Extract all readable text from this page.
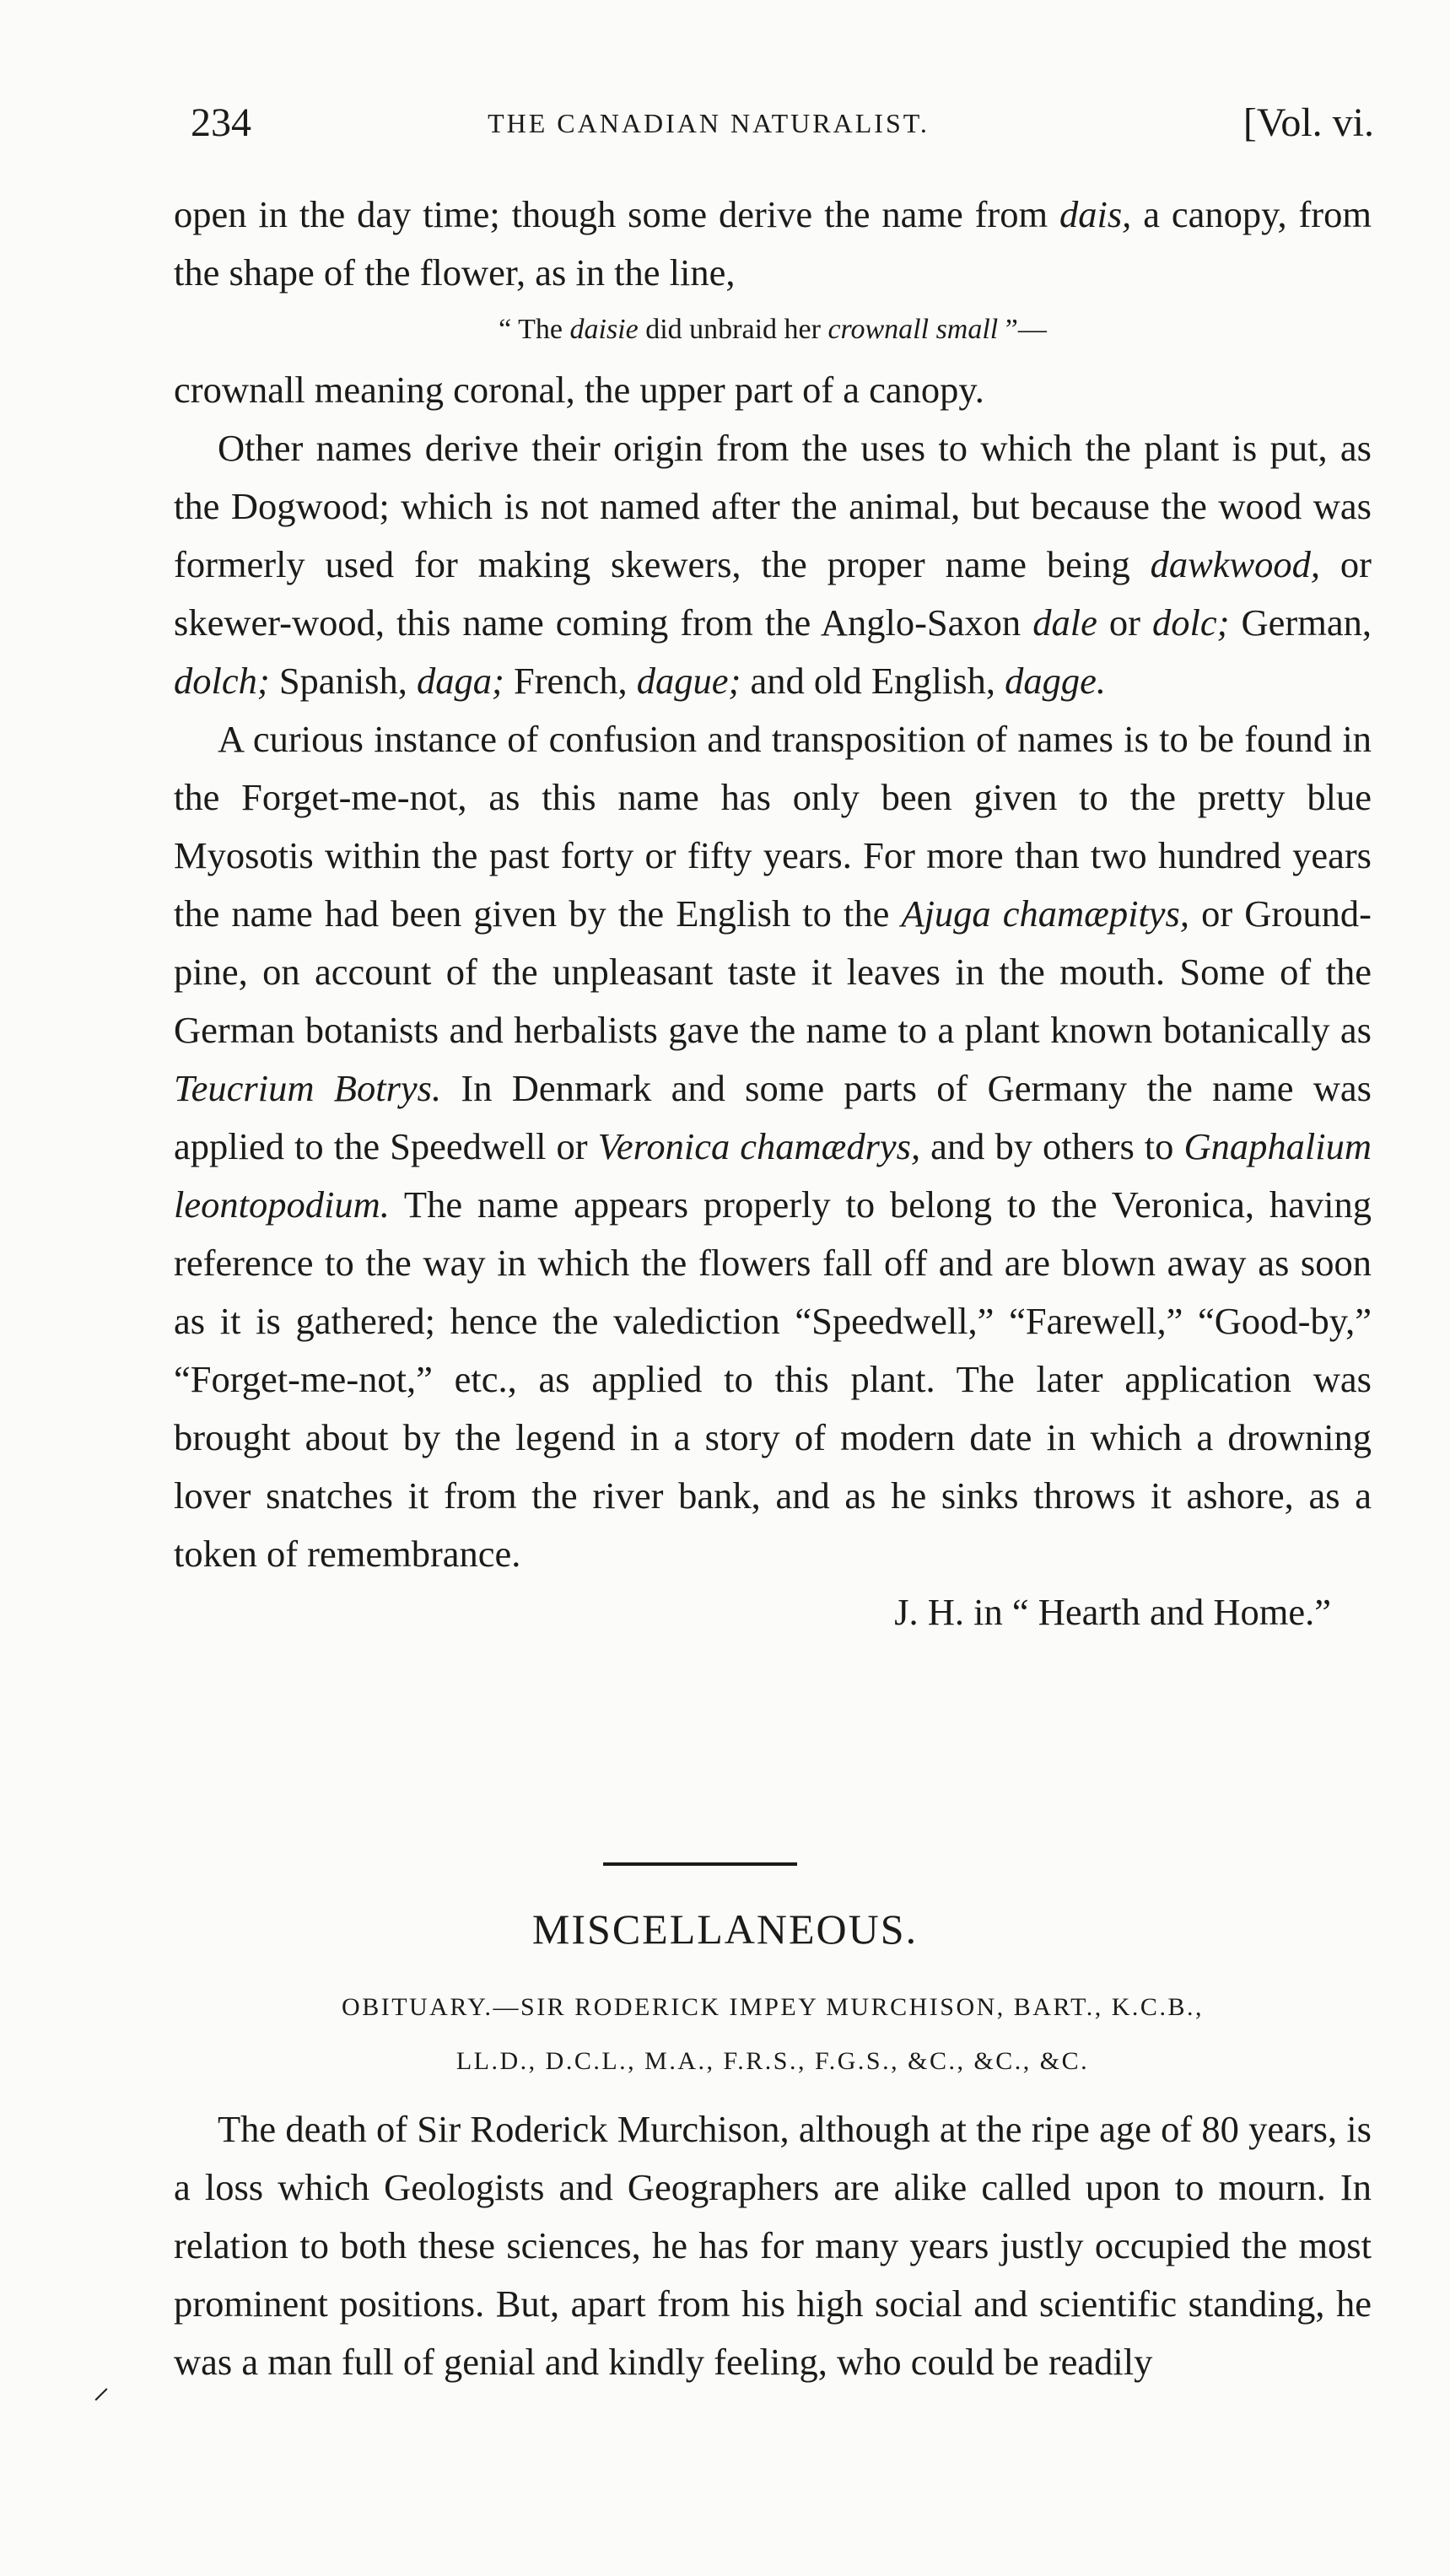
234	THE CANADIAN NATURALIST.	[Vol. vi.

open in the day time; though some derive the name from dais, a canopy, from the shape of the flower, as in the line,

“ The daisie did unbraid her crownall small ”—

crownall meaning coronal, the upper part of a canopy.

Other names derive their origin from the uses to which the plant is put, as the Dogwood; which is not named after the animal, but because the wood was formerly used for making skewers, the proper name being dawkwood, or skewer-wood, this name coming from the Anglo-Saxon dale or dolc; German, dolch; Spanish, daga; French, dague; and old English, dagge.

A curious instance of confusion and transposition of names is to be found in the Forget-me-not, as this name has only been given to the pretty blue Myosotis within the past forty or fifty years. For more than two hundred years the name had been given by the English to the Ajuga chamæpitys, or Ground-pine, on account of the unpleasant taste it leaves in the mouth. Some of the German botanists and herbalists gave the name to a plant known botanically as Teucrium Botrys. In Denmark and some parts of Germany the name was applied to the Speedwell or Veronica chamædrys, and by others to Gnaphalium leontopodium. The name appears properly to belong to the Veronica, having reference to the way in which the flowers fall off and are blown away as soon as it is gathered; hence the valediction “Speedwell,” “Farewell,” “Good-by,” “Forget-me-not,” etc., as applied to this plant. The later application was brought about by the legend in a story of modern date in which a drowning lover snatches it from the river bank, and as he sinks throws it ashore, as a token of remembrance.

J. H. in “ Hearth and Home.”

MISCELLANEOUS.
OBITUARY.—SIR RODERICK IMPEY MURCHISON, BART., K.C.B.,
LL.D., D.C.L., M.A., F.R.S., F.G.S., &C., &C., &C.

The death of Sir Roderick Murchison, although at the ripe age of 80 years, is a loss which Geologists and Geographers are alike called upon to mourn. In relation to both these sciences, he has for many years justly occupied the most prominent positions. But, apart from his high social and scientific standing, he was a man full of genial and kindly feeling, who could be readily

⸝
